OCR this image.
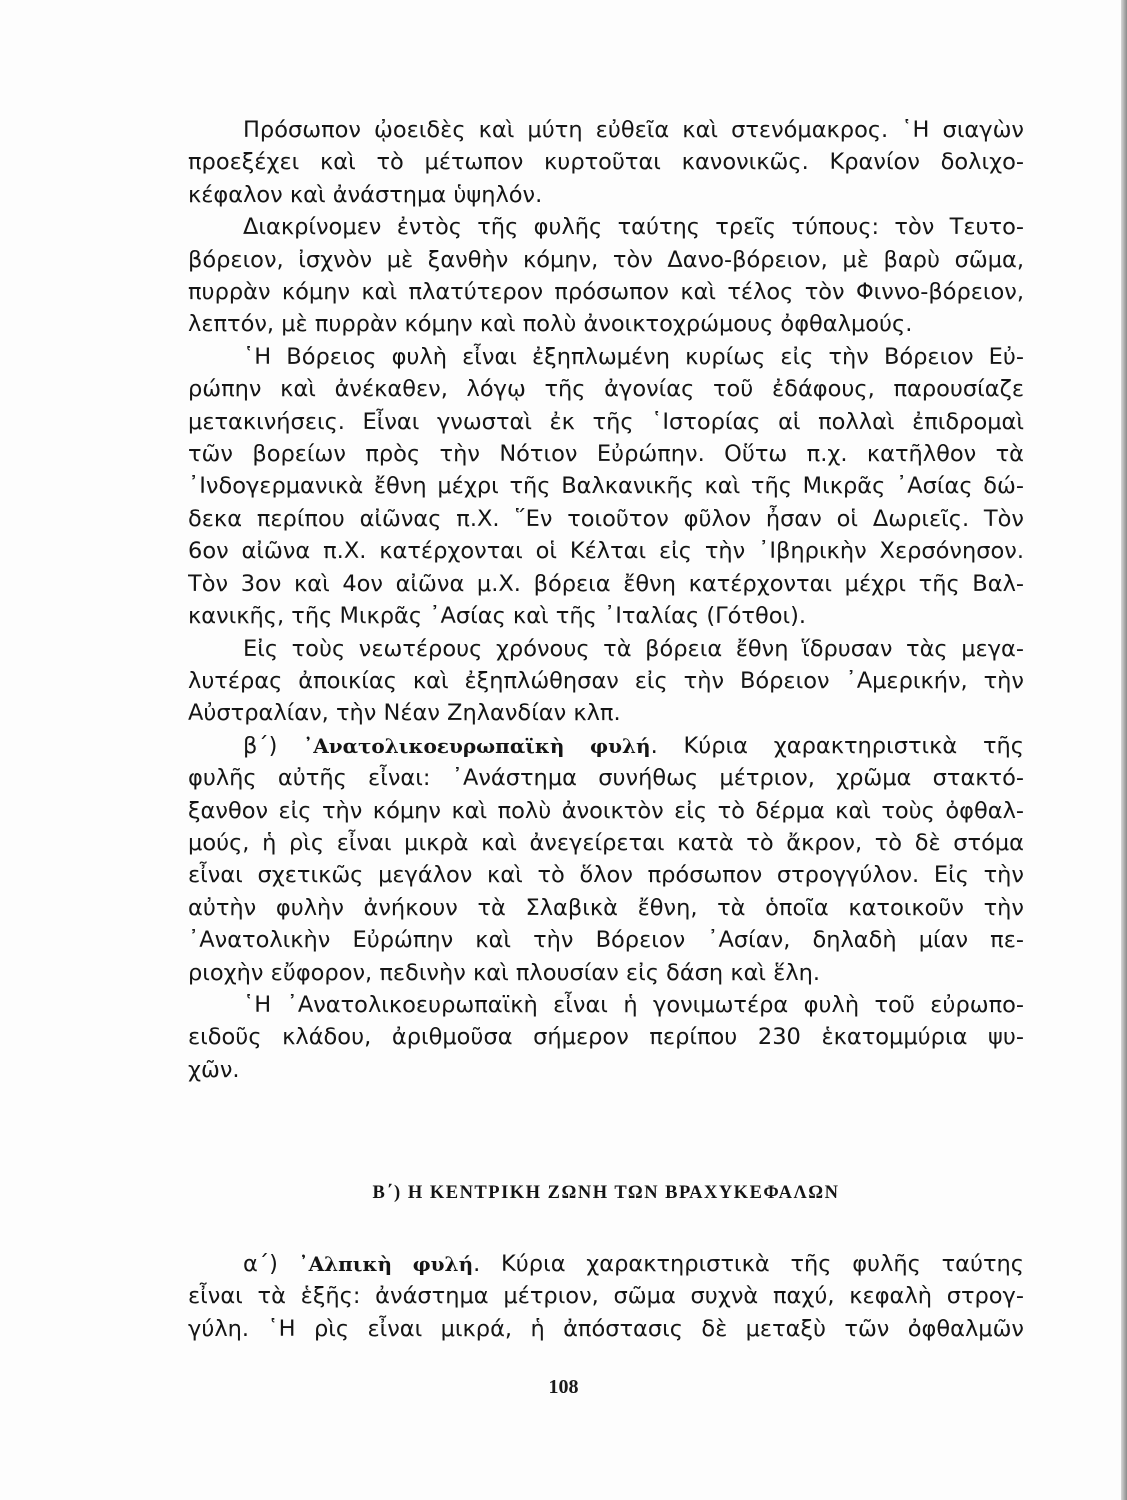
Πρόσωπον ᾠοειδὲς καὶ μύτη εὐθεῖα καὶ στενόμακρος. ῾Η σιαγὼν
προεξέχει καὶ τὸ μέτωπον κυρτοῦται κανονικῶς. Κρανίον δολιχο-
κέφαλον καὶ ἀνάστημα ὑψηλόν.
Διακρίνομεν ἐντὸς τῆς φυλῆς ταύτης τρεῖς τύπους: τὸν Τευτο-
βόρειον, ἰσχνὸν μὲ ξανθὴν κόμην, τὸν Δανο-βόρειον, μὲ βαρὺ σῶμα,
πυρρὰν κόμην καὶ πλατύτερον πρόσωπον καὶ τέλος τὸν Φιννο-βόρειον,
λεπτόν, μὲ πυρρὰν κόμην καὶ πολὺ ἀνοικτοχρώμους ὀφθαλμούς.
῾Η Βόρειος φυλὴ εἶναι ἐξηπλωμένη κυρίως εἰς τὴν Βόρειον Εὐ-
ρώπην καὶ ἀνέκαθεν, λόγῳ τῆς ἀγονίας τοῦ ἐδάφους, παρουσίαζε
μετακινήσεις. Εἶναι γνωσταὶ ἐκ τῆς ῾Ιστορίας αἱ πολλαὶ ἐπιδρομαὶ
τῶν βορείων πρὸς τὴν Νότιον Εὐρώπην. Οὕτω π.χ. κατῆλθον τὰ
᾿Ινδογερμανικὰ ἔθνη μέχρι τῆς Βαλκανικῆς καὶ τῆς Μικρᾶς ᾿Ασίας δώ-
δεκα περίπου αἰῶνας π.Χ. ῞Εν τοιοῦτον φῦλον ἦσαν οἱ Δωριεῖς. Τὸν
6ον αἰῶνα π.Χ. κατέρχονται οἱ Κέλται εἰς τὴν ᾿Ιβηρικὴν Χερσόνησον.
Τὸν 3ον καὶ 4ον αἰῶνα μ.Χ. βόρεια ἔθνη κατέρχονται μέχρι τῆς Βαλ-
κανικῆς, τῆς Μικρᾶς ᾿Ασίας καὶ τῆς ᾿Ιταλίας (Γότθοι).
Εἰς τοὺς νεωτέρους χρόνους τὰ βόρεια ἔθνη ἵδρυσαν τὰς μεγα-
λυτέρας ἀποικίας καὶ ἐξηπλώθησαν εἰς τὴν Βόρειον ᾿Αμερικήν, τὴν
Αὐστραλίαν, τὴν Νέαν Ζηλανδίαν κλπ.
β΄) ᾿Ανατολικοευρωπαϊκὴ φυλή. Κύρια χαρακτηριστικὰ τῆς
φυλῆς αὐτῆς εἶναι: ᾿Ανάστημα συνήθως μέτριον, χρῶμα στακτό-
ξανθον εἰς τὴν κόμην καὶ πολὺ ἀνοικτὸν εἰς τὸ δέρμα καὶ τοὺς ὀφθαλ-
μούς, ἡ ρὶς εἶναι μικρὰ καὶ ἀνεγείρεται κατὰ τὸ ἄκρον, τὸ δὲ στόμα
εἶναι σχετικῶς μεγάλον καὶ τὸ ὅλον πρόσωπον στρογγύλον. Εἰς τὴν
αὐτὴν φυλὴν ἀνήκουν τὰ Σλαβικὰ ἔθνη, τὰ ὁποῖα κατοικοῦν τὴν
᾿Ανατολικὴν Εὐρώπην καὶ τὴν Βόρειον ᾿Ασίαν, δηλαδὴ μίαν πε-
ριοχὴν εὔφορον, πεδινὴν καὶ πλουσίαν εἰς δάση καὶ ἕλη.
῾Η ᾿Ανατολικοευρωπαϊκὴ εἶναι ἡ γονιμωτέρα φυλὴ τοῦ εὐρωπο-
ειδοῦς κλάδου, ἀριθμοῦσα σήμερον περίπου 230 ἑκατομμύρια ψυ-
χῶν.
Β΄) Η ΚΕΝΤΡΙΚΗ ΖΩΝΗ ΤΩΝ ΒΡΑΧΥΚΕΦΑΛΩΝ
α΄) ᾿Αλπικὴ φυλή. Κύρια χαρακτηριστικὰ τῆς φυλῆς ταύτης
εἶναι τὰ ἑξῆς: ἀνάστημα μέτριον, σῶμα συχνὰ παχύ, κεφαλὴ στρογ-
γύλη. ῾Η ρὶς εἶναι μικρά, ἡ ἀπόστασις δὲ μεταξὺ τῶν ὀφθαλμῶν
108
